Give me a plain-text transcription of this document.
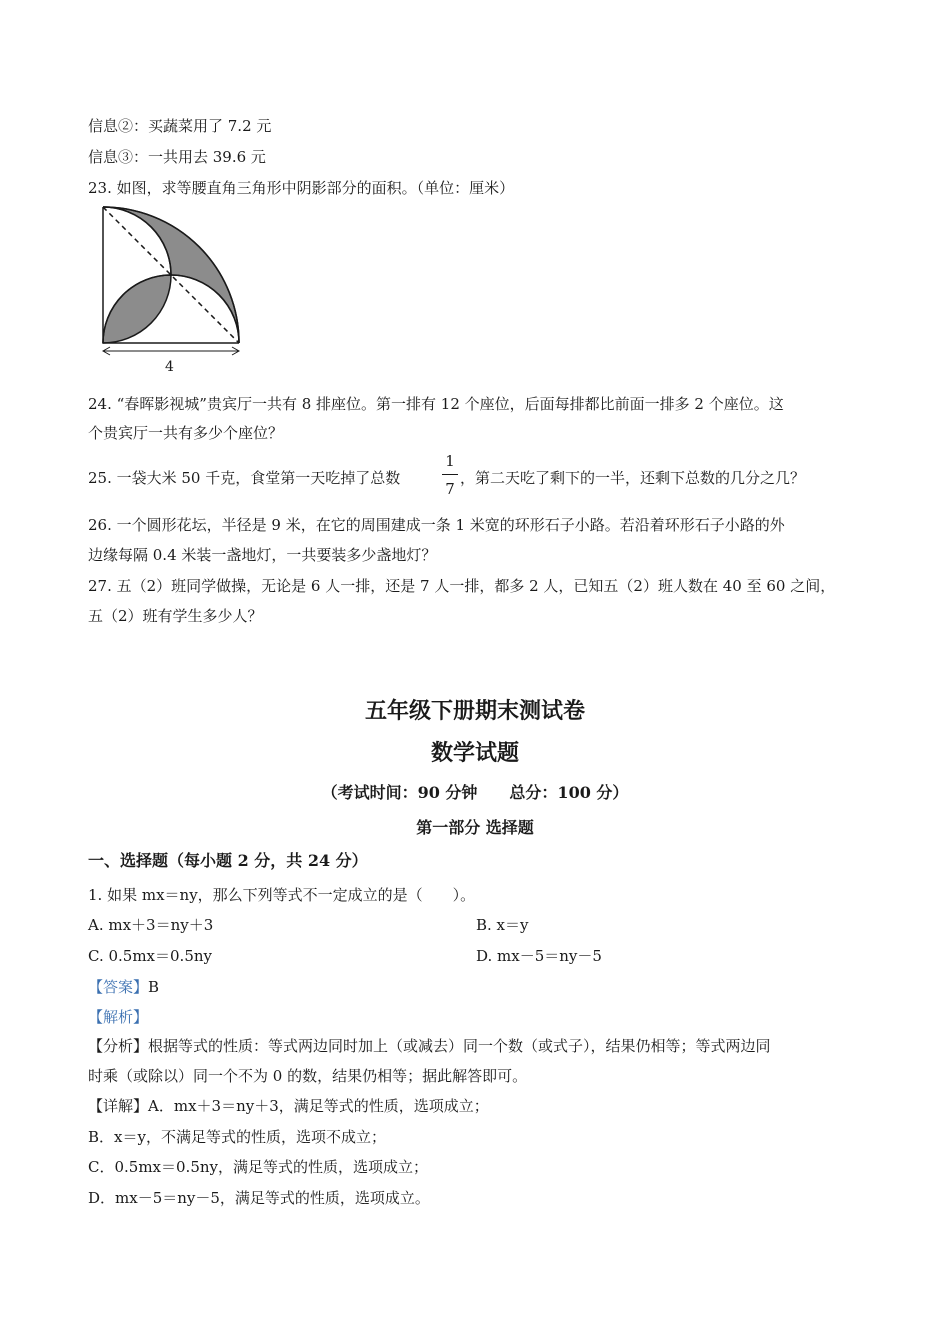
信息②：买蔬菜用了 7.2 元
信息③：一共用去 39.6 元
23. 如图，求等腰直角三角形中阴影部分的面积。（单位：厘米）
4
24. “春晖影视城”贵宾厅一共有 8 排座位。第一排有 12 个座位，后面每排都比前面一排多 2 个座位。这
个贵宾厅一共有多少个座位？
25. 一袋大米 50 千克，食堂第一天吃掉了总数
1
7
，第二天吃了剩下的一半，还剩下总数的几分之几？
26. 一个圆形花坛，半径是 9 米，在它的周围建成一条 1 米宽的环形石子小路。若沿着环形石子小路的外
边缘每隔 0.4 米装一盏地灯，一共要装多少盏地灯？
27. 五（2）班同学做操，无论是 6 人一排，还是 7 人一排，都多 2 人，已知五（2）班人数在 40 至 60 之间，
五（2）班有学生多少人？
五年级下册期末测试卷
数学试题
（考试时间：90 分钟　　总分：100 分）
第一部分 选择题
一、选择题（每小题 2 分，共 24 分）
1. 如果 mx＝ny，那么下列等式不一定成立的是（　　）。
A. mx＋3＝ny＋3	B. x＝y
C. 0.5mx＝0.5ny	D. mx－5＝ny－5
【答案】B
【解析】
【分析】根据等式的性质：等式两边同时加上（或减去）同一个数（或式子），结果仍相等；等式两边同
时乘（或除以）同一个不为 0 的数，结果仍相等；据此解答即可。
【详解】A．mx＋3＝ny＋3，满足等式的性质，选项成立；
B．x＝y，不满足等式的性质，选项不成立；
C．0.5mx＝0.5ny，满足等式的性质，选项成立；
D．mx－5＝ny－5，满足等式的性质，选项成立。
